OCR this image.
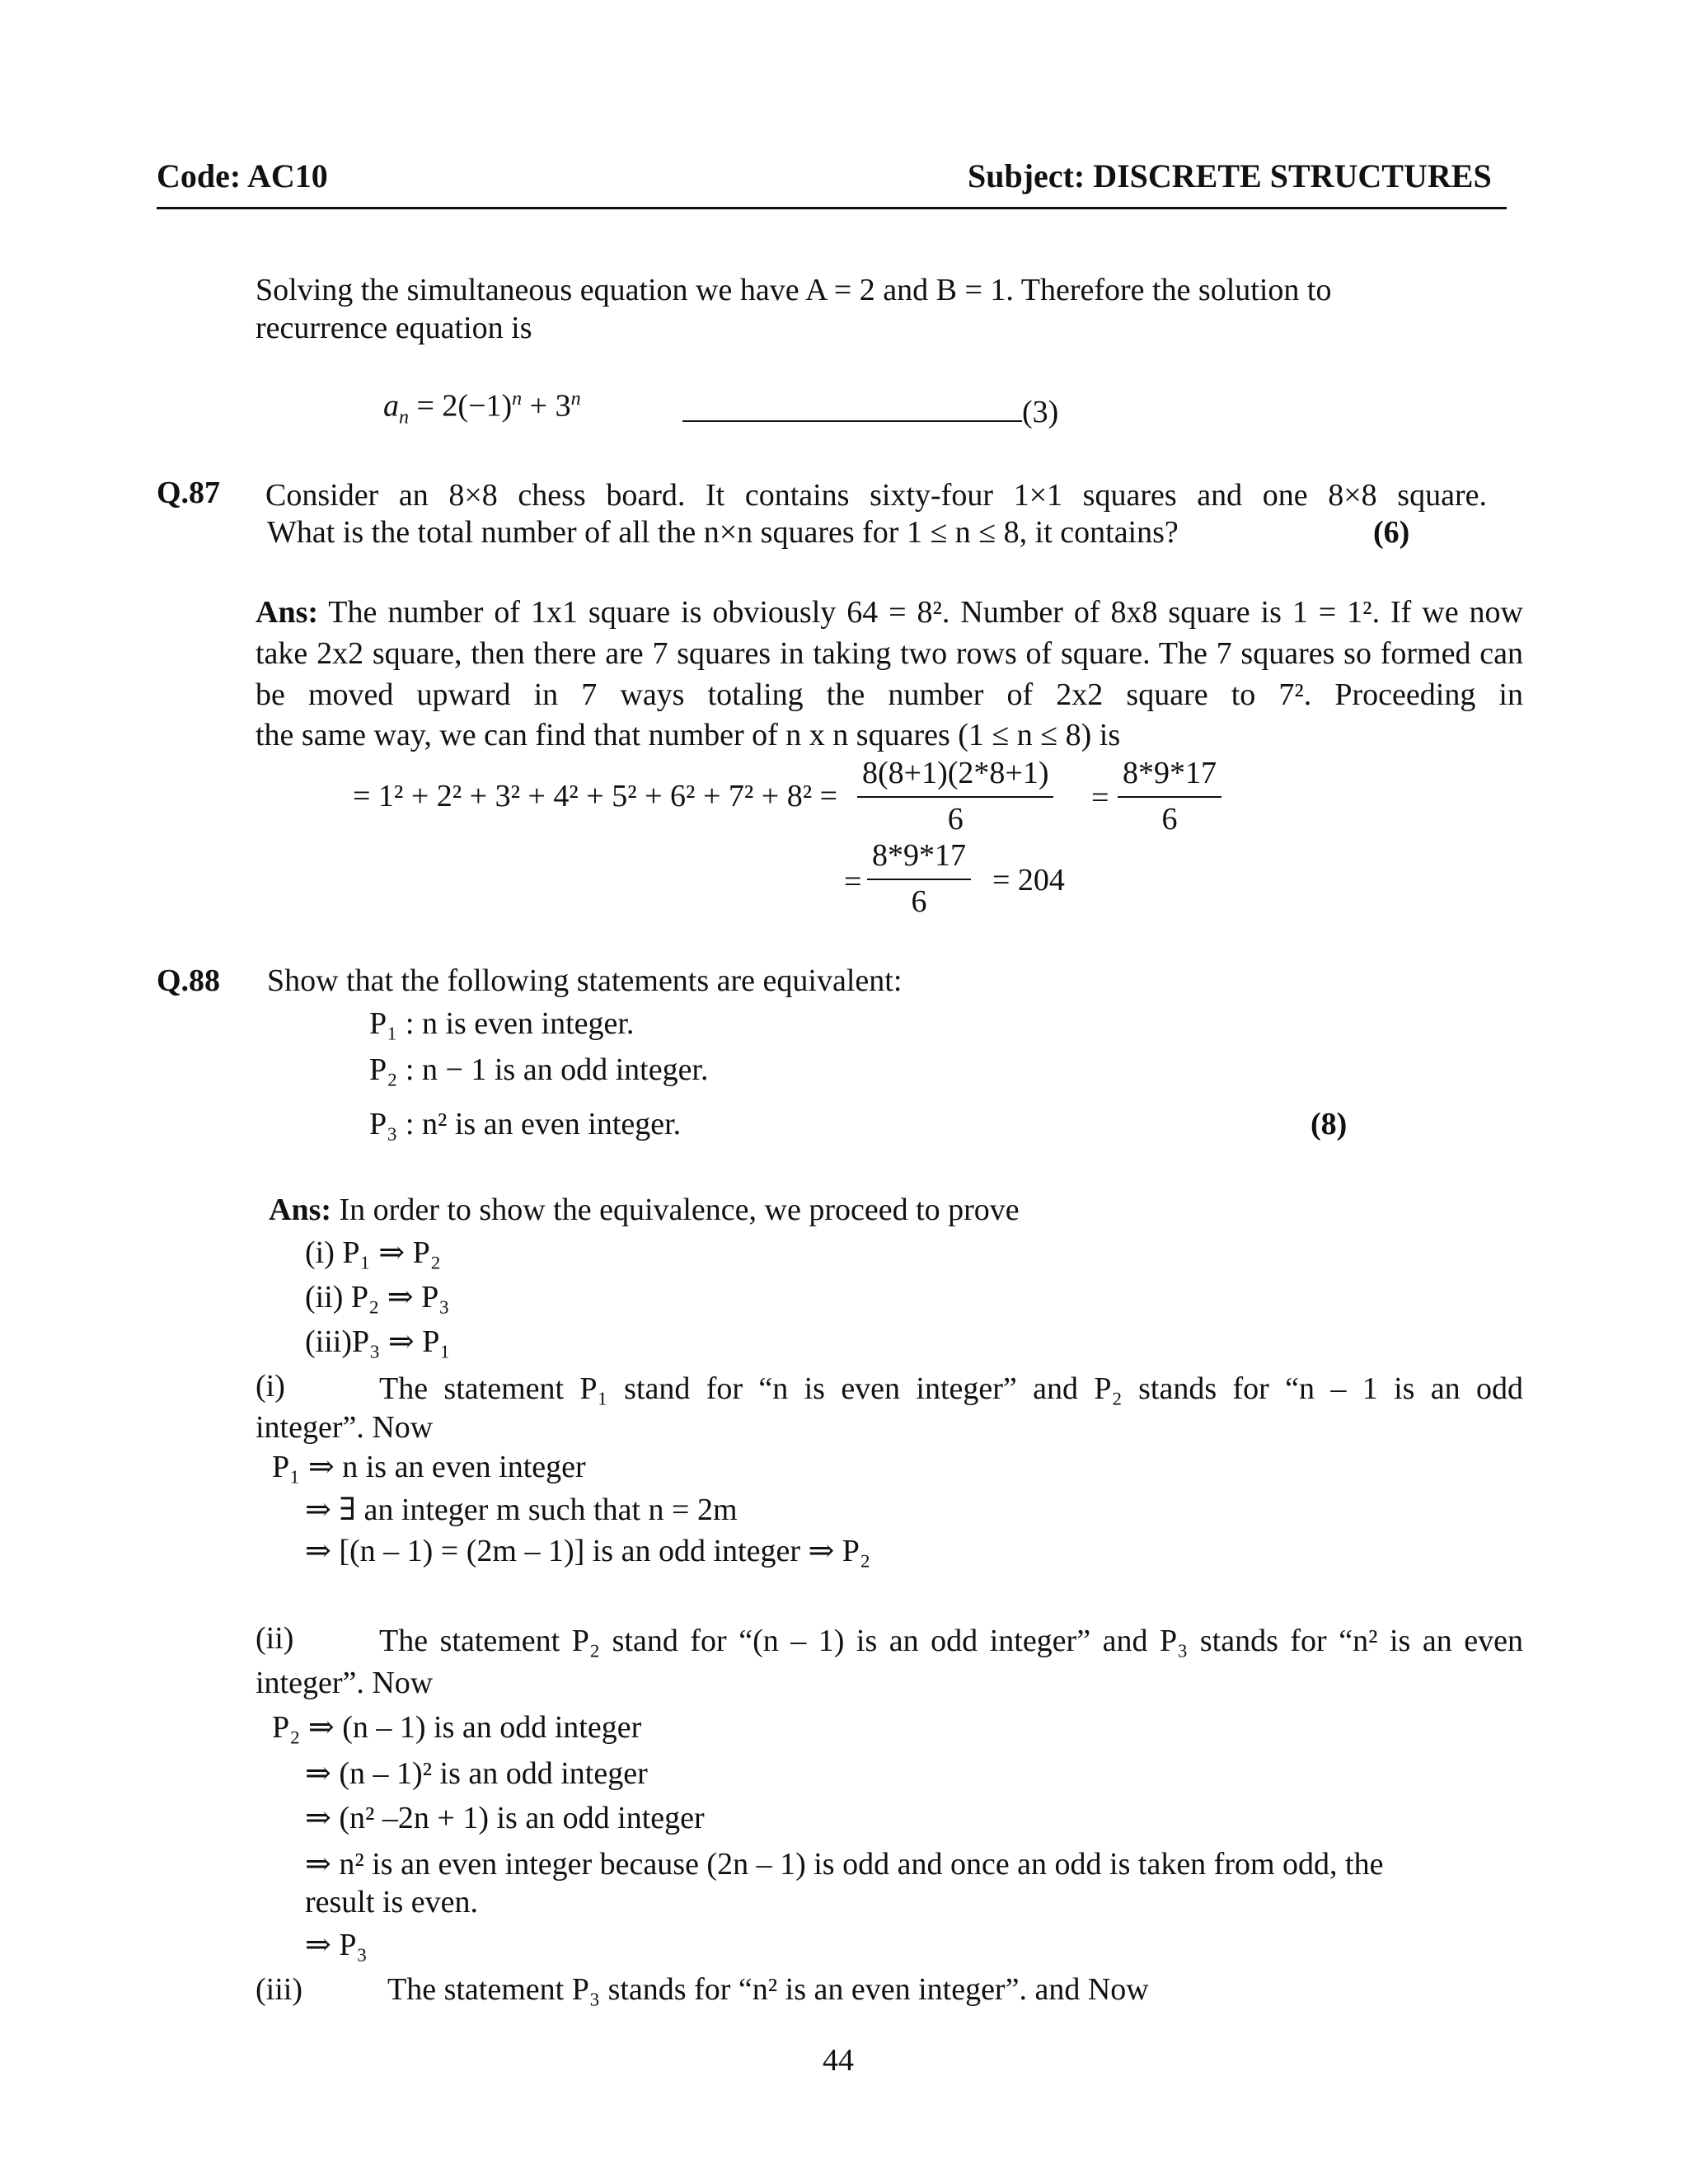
Code: AC10	Subject: DISCRETE STRUCTURES
Solving the simultaneous equation we have A = 2 and B = 1. Therefore the solution to
recurrence equation is
$a_n = 2(-1)^n + 3^n$	(3)
Q.87 Consider an 8×8 chess board. It contains sixty-four 1×1 squares and one 8×8 square.
What is the total number of all the n×n squares for 1 ≤ n ≤ 8, it contains?	(6)
Ans: The number of 1x1 square is obviously 64 = 8². Number of 8x8 square is 1 = 1². If we now take 2x2 square, then there are 7 squares in taking two rows of square. The 7 squares so formed can be moved upward in 7 ways totaling the number of 2x2 square to 7². Proceeding in
the same way, we can find that number of n x n squares (1 ≤ n ≤ 8) is
= $1^2 + 2^2 + 3^2 + 4^2 + 5^2 + 6^2 + 7^2 + 8^2 = \frac{8(8+1)(2*8+1)}{6} = \frac{8*9*17}{6}$
= $\frac{8*9*17}{6} = 204$
Q.88 Show that the following statements are equivalent:
P₁ : n is even integer.
P₂ : n − 1 is an odd integer.
P₃ : n² is an even integer.	(8)
Ans: In order to show the equivalence, we proceed to prove
(i) P₁ ⇒ P₂
(ii) P₂ ⇒ P₃
(iii)P₃ ⇒ P₁
(i)	The statement P₁ stand for “n is even integer” and P₂ stands for “n – 1 is an odd
integer”. Now
P₁ ⇒ n is an even integer
⇒ ∃ an integer m such that n = 2m
⇒ [(n – 1) = (2m – 1)] is an odd integer ⇒ P₂
(ii)	The statement P₂ stand for “(n – 1) is an odd integer” and P₃ stands for “n² is an even
integer”. Now
P₂ ⇒ (n – 1) is an odd integer
⇒ (n – 1)² is an odd integer
⇒ (n² –2n + 1) is an odd integer
⇒ n² is an even integer because (2n – 1) is odd and once an odd is taken from odd, the
result is even.
⇒ P₃
(iii)	The statement P₃ stands for “n² is an even integer”. and Now
44
